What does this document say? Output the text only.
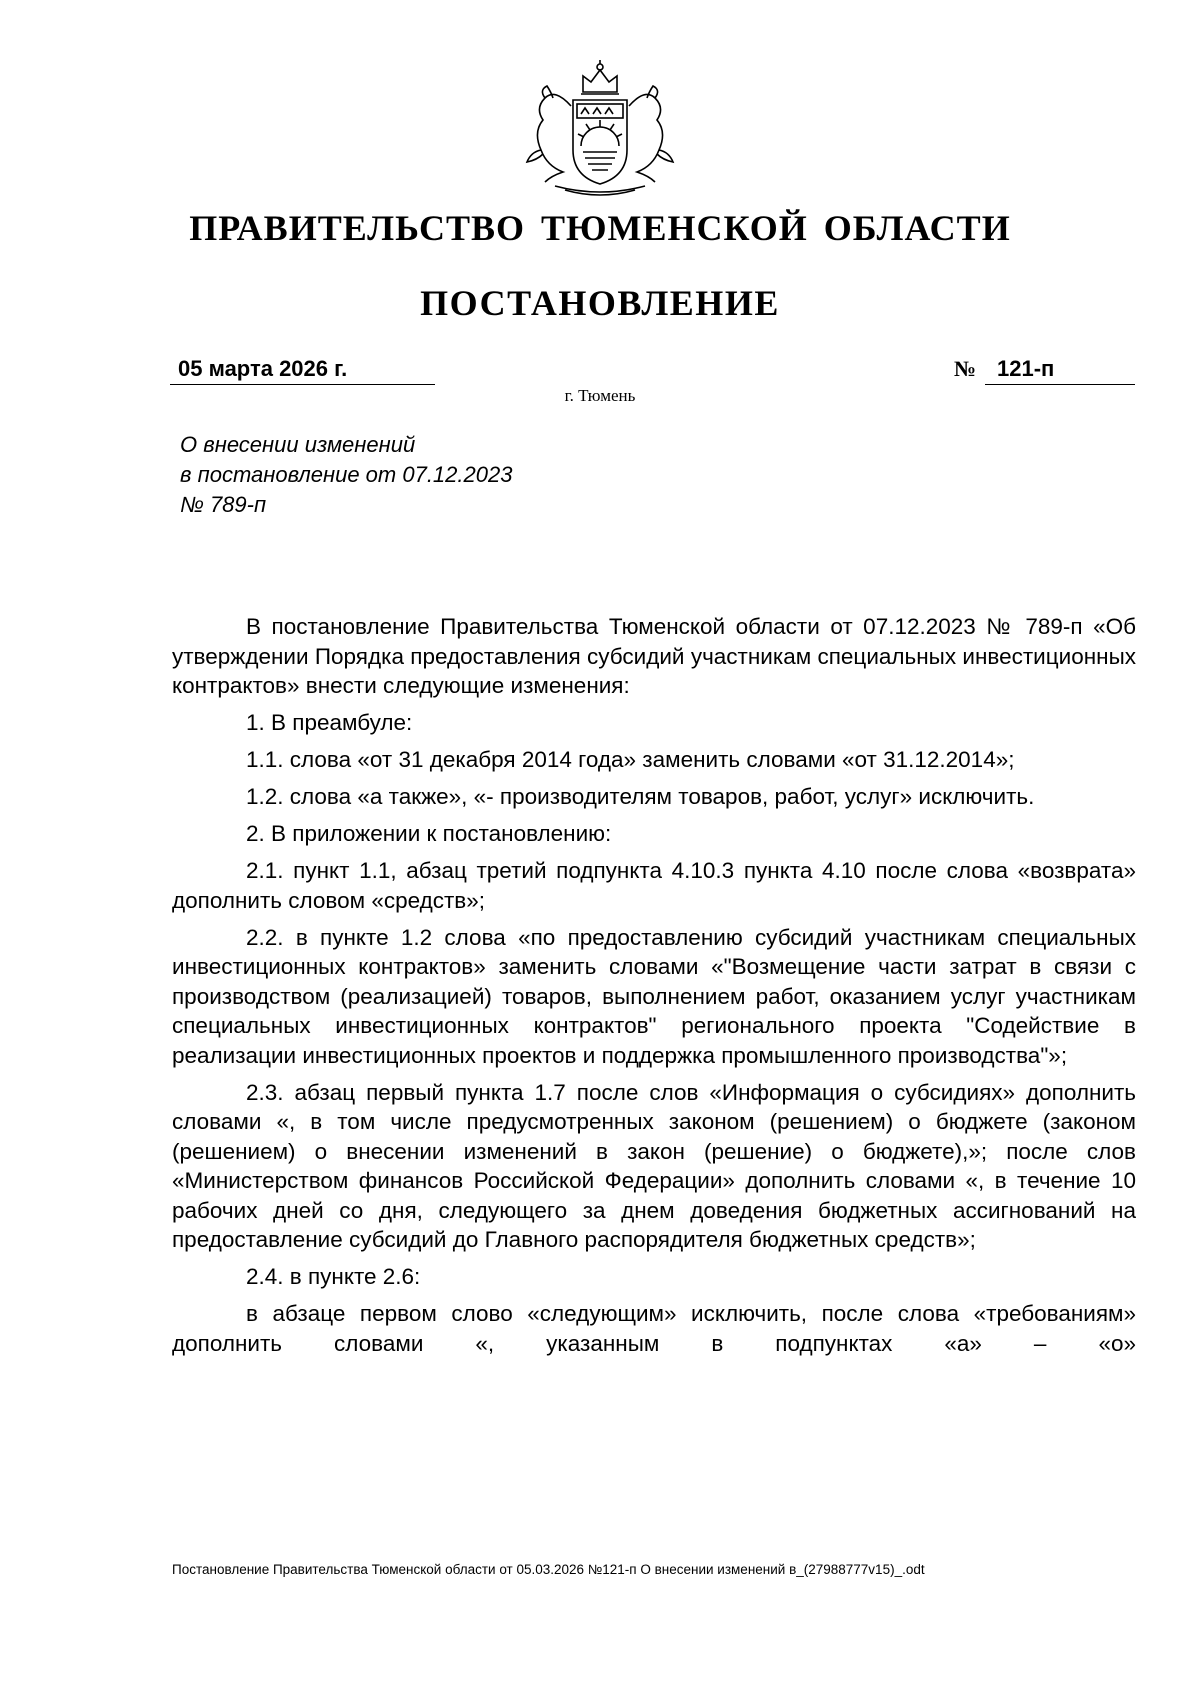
ПРАВИТЕЛЬСТВО ТЮМЕНСКОЙ ОБЛАСТИ
ПОСТАНОВЛЕНИЕ
05 марта 2026 г.	№ 121-п
г. Тюмень
О внесении изменений
в постановление от 07.12.2023
№ 789-п

В постановление Правительства Тюменской области от 07.12.2023 № 789-п «Об утверждении Порядка предоставления субсидий участникам специальных инвестиционных контрактов» внести следующие изменения:

1. В преамбуле:

1.1. слова «от 31 декабря 2014 года» заменить словами «от 31.12.2014»;

1.2. слова «а также», «- производителям товаров, работ, услуг» исключить.

2. В приложении к постановлению:

2.1. пункт 1.1, абзац третий подпункта 4.10.3 пункта 4.10 после слова «возврата» дополнить словом «средств»;

2.2. в пункте 1.2 слова «по предоставлению субсидий участникам специальных инвестиционных контрактов» заменить словами «"Возмещение части затрат в связи с производством (реализацией) товаров, выполнением работ, оказанием услуг участникам специальных инвестиционных контрактов" регионального проекта "Содействие в реализации инвестиционных проектов и поддержка промышленного производства"»;

2.3. абзац первый пункта 1.7 после слов «Информация о субсидиях» дополнить словами «, в том числе предусмотренных законом (решением) о бюджете (законом (решением) о внесении изменений в закон (решение) о бюджете),»; после слов «Министерством финансов Российской Федерации» дополнить словами «, в течение 10 рабочих дней со дня, следующего за днем доведения бюджетных ассигнований на предоставление субсидий до Главного распорядителя бюджетных средств»;

2.4. в пункте 2.6:

в абзаце первом слово «следующим» исключить, после слова «требованиям» дополнить словами «, указанным в подпунктах «а» – «о»

Постановление Правительства Тюменской области от 05.03.2026 №121-п О внесении изменений в_(27988777v15)_.odt
